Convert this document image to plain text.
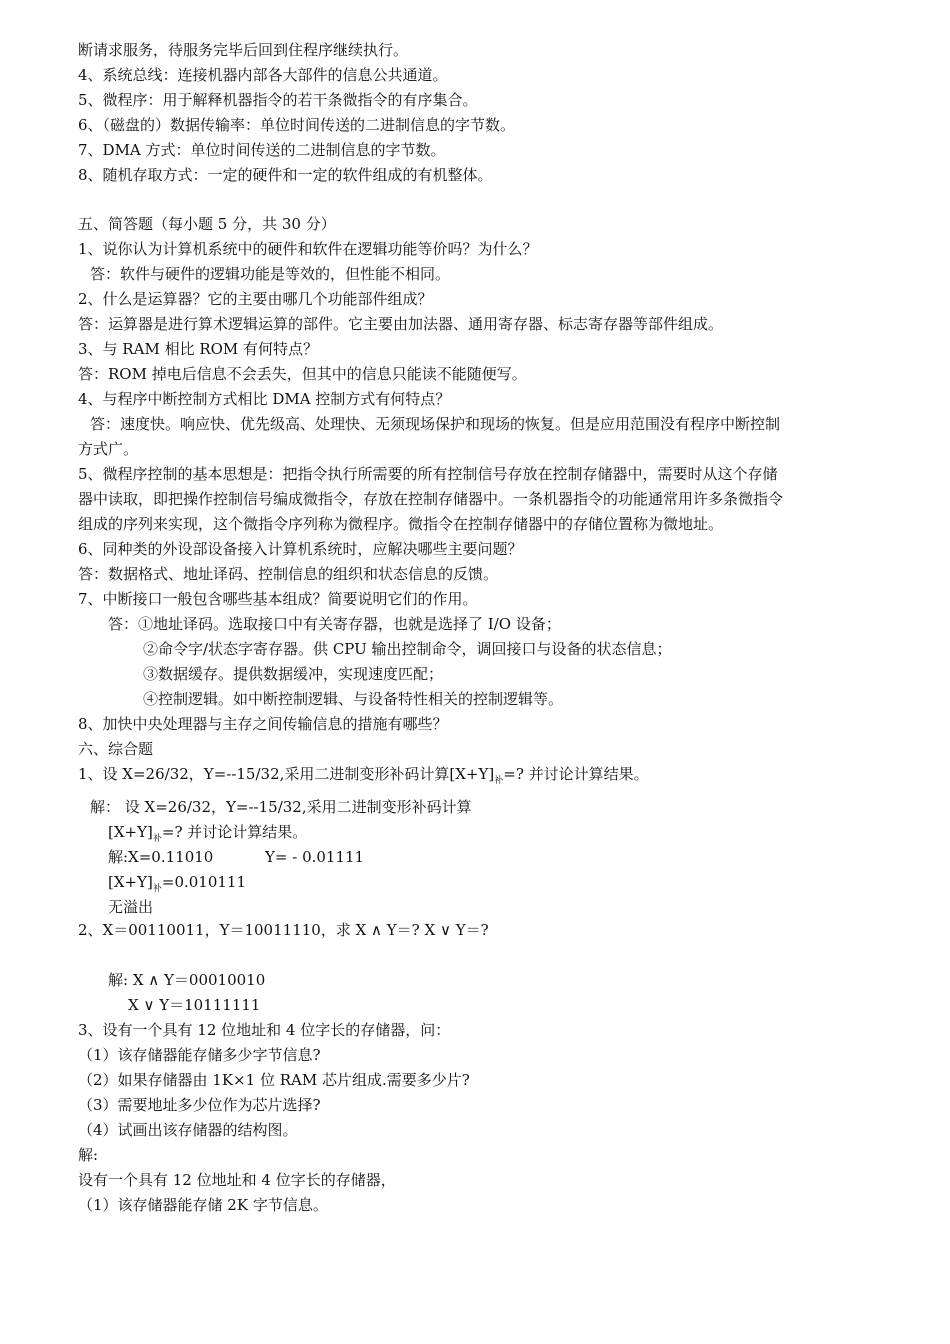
断请求服务，待服务完毕后回到住程序继续执行。
4、系统总线：连接机器内部各大部件的信息公共通道。
5、微程序：用于解释机器指令的若干条微指令的有序集合。
6、（磁盘的）数据传输率：单位时间传送的二进制信息的字节数。
7、DMA 方式：单位时间传送的二进制信息的字节数。
8、随机存取方式：一定的硬件和一定的软件组成的有机整体。
五、简答题（每小题 5 分，共 30 分）
1、说你认为计算机系统中的硬件和软件在逻辑功能等价吗？为什么？
答：软件与硬件的逻辑功能是等效的，但性能不相同。
2、什么是运算器？它的主要由哪几个功能部件组成？
答：运算器是进行算术逻辑运算的部件。它主要由加法器、通用寄存器、标志寄存器等部件组成。
3、与 RAM 相比 ROM 有何特点？
答：ROM 掉电后信息不会丢失，但其中的信息只能读不能随便写。
4、与程序中断控制方式相比 DMA 控制方式有何特点？
答：速度快。响应快、优先级高、处理快、无须现场保护和现场的恢复。但是应用范围没有程序中断控制
方式广。
5、微程序控制的基本思想是：把指令执行所需要的所有控制信号存放在控制存储器中，需要时从这个存储
器中读取，即把操作控制信号编成微指令，存放在控制存储器中。一条机器指令的功能通常用许多条微指令
组成的序列来实现，这个微指令序列称为微程序。微指令在控制存储器中的存储位置称为微地址。
6、同种类的外设部设备接入计算机系统时，应解决哪些主要问题？
答：数据格式、地址译码、控制信息的组织和状态信息的反馈。
7、中断接口一般包含哪些基本组成？简要说明它们的作用。
答：①地址译码。选取接口中有关寄存器，也就是选择了 I/O 设备；
②命令字/状态字寄存器。供 CPU 输出控制命令，调回接口与设备的状态信息；
③数据缓存。提供数据缓冲，实现速度匹配；
④控制逻辑。如中断控制逻辑、与设备特性相关的控制逻辑等。
8、加快中央处理器与主存之间传输信息的措施有哪些？
六、综合题
1、设 X=26/32，Y=--15/32,采用二进制变形补码计算$[X+Y]_补=$? 并讨论计算结果。
解： 设 X=26/32，Y=--15/32,采用二进制变形补码计算
$[X+Y]_补=$? 并讨论计算结果。
解:X=0.11010	Y= - 0.01111
$[X+Y]_补=0.010111$
无溢出
2、X＝00110011，Y＝10011110，求 X ∧ Y＝? X ∨ Y＝?
解: X ∧ Y＝00010010
X ∨ Y＝10111111
3、设有一个具有 12 位地址和 4 位字长的存储器，问：
（1）该存储器能存储多少字节信息?
（2）如果存储器由 1K×1 位 RAM 芯片组成.需要多少片?
（3）需要地址多少位作为芯片选择?
（4）试画出该存储器的结构图。
解:
设有一个具有 12 位地址和 4 位字长的存储器，
（1）该存储器能存储 2K 字节信息。
